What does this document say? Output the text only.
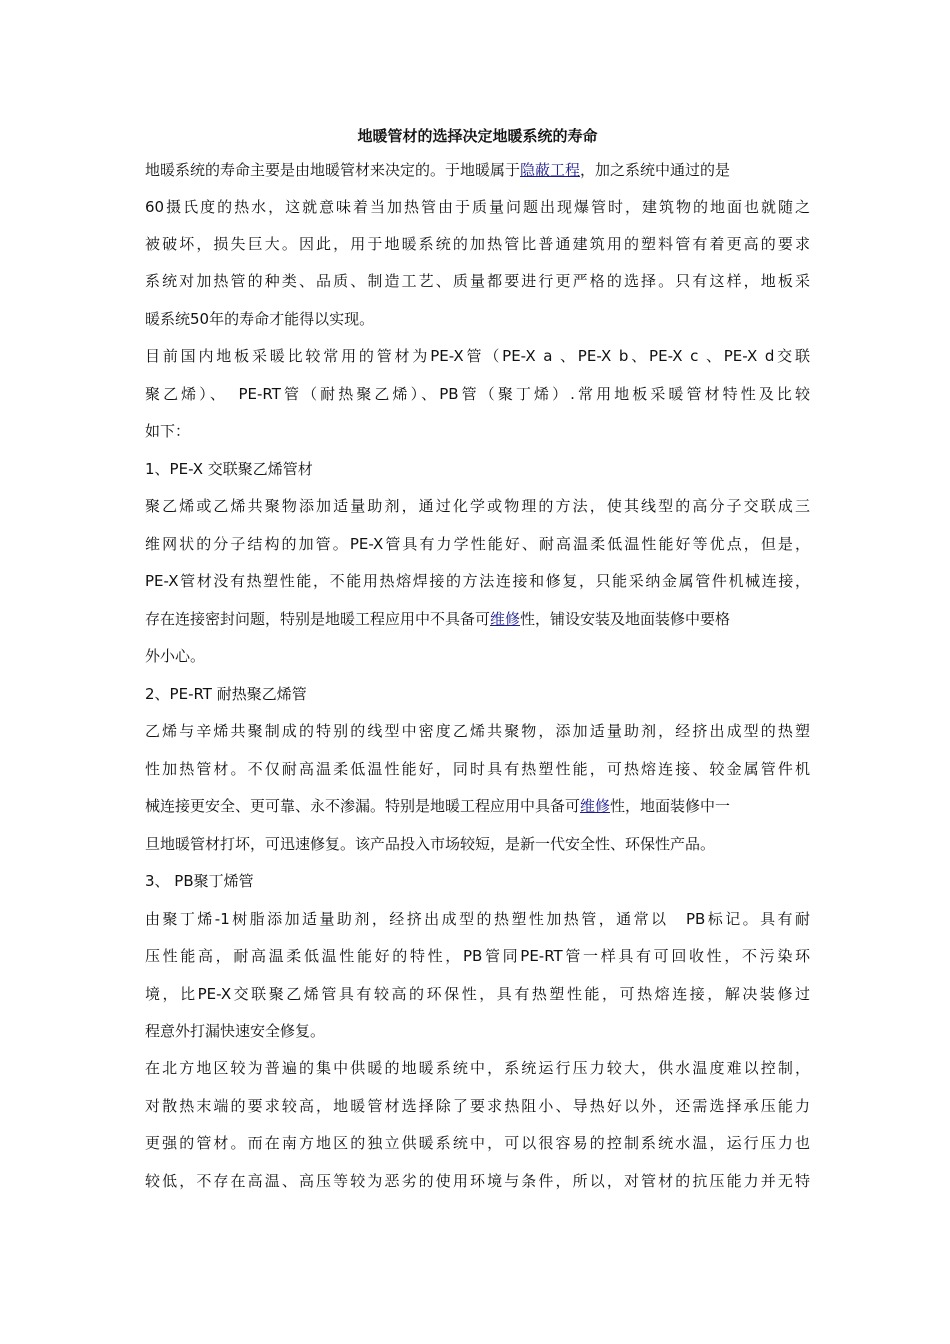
地暖管材的选择决定地暖系统的寿命
地暖系统的寿命主要是由地暖管材来决定的。于地暖属于隐蔽工程，加之系统中通过的是
60摄氏度的热水，这就意味着当加热管由于质量问题出现爆管时，建筑物的地面也就随之
被破坏，损失巨大。因此，用于地暖系统的加热管比普通建筑用的塑料管有着更高的要求
系统对加热管的种类、品质、制造工艺、质量都要进行更严格的选择。只有这样，地板采
暖系统50年的寿命才能得以实现。
目前国内地板采暖比较常用的管材为PE-X管（PE-X a 、PE-X b、PE-X c 、PE-X d交联
聚乙烯）、　PE-RT管（耐热聚乙烯）、PB管（聚丁烯）.常用地板采暖管材特性及比较
如下：
1、PE-X 交联聚乙烯管材
聚乙烯或乙烯共聚物添加适量助剂，通过化学或物理的方法，使其线型的高分子交联成三
维网状的分子结构的加管。PE-X管具有力学性能好、耐高温柔低温性能好等优点，但是，
PE-X管材没有热塑性能，不能用热熔焊接的方法连接和修复，只能采纳金属管件机械连接，
存在连接密封问题，特别是地暖工程应用中不具备可维修性，铺设安装及地面装修中要格
外小心。
2、PE-RT 耐热聚乙烯管
乙烯与辛烯共聚制成的特别的线型中密度乙烯共聚物，添加适量助剂，经挤出成型的热塑
性加热管材。不仅耐高温柔低温性能好，同时具有热塑性能，可热熔连接、较金属管件机
械连接更安全、更可靠、永不渗漏。特别是地暖工程应用中具备可维修性，地面装修中一
旦地暖管材打坏，可迅速修复。该产品投入市场较短，是新一代安全性、环保性产品。
3、 PB聚丁烯管
由聚丁烯-1树脂添加适量助剂，经挤出成型的热塑性加热管，通常以　PB标记。具有耐
压性能高，耐高温柔低温性能好的特性，PB管同PE-RT管一样具有可回收性，不污染环
境，比PE-X交联聚乙烯管具有较高的环保性，具有热塑性能，可热熔连接，解决装修过
程意外打漏快速安全修复。
在北方地区较为普遍的集中供暖的地暖系统中，系统运行压力较大，供水温度难以控制，
对散热末端的要求较高，地暖管材选择除了要求热阻小、导热好以外，还需选择承压能力
更强的管材。而在南方地区的独立供暖系统中，可以很容易的控制系统水温，运行压力也
较低，不存在高温、高压等较为恶劣的使用环境与条件，所以，对管材的抗压能力并无特
